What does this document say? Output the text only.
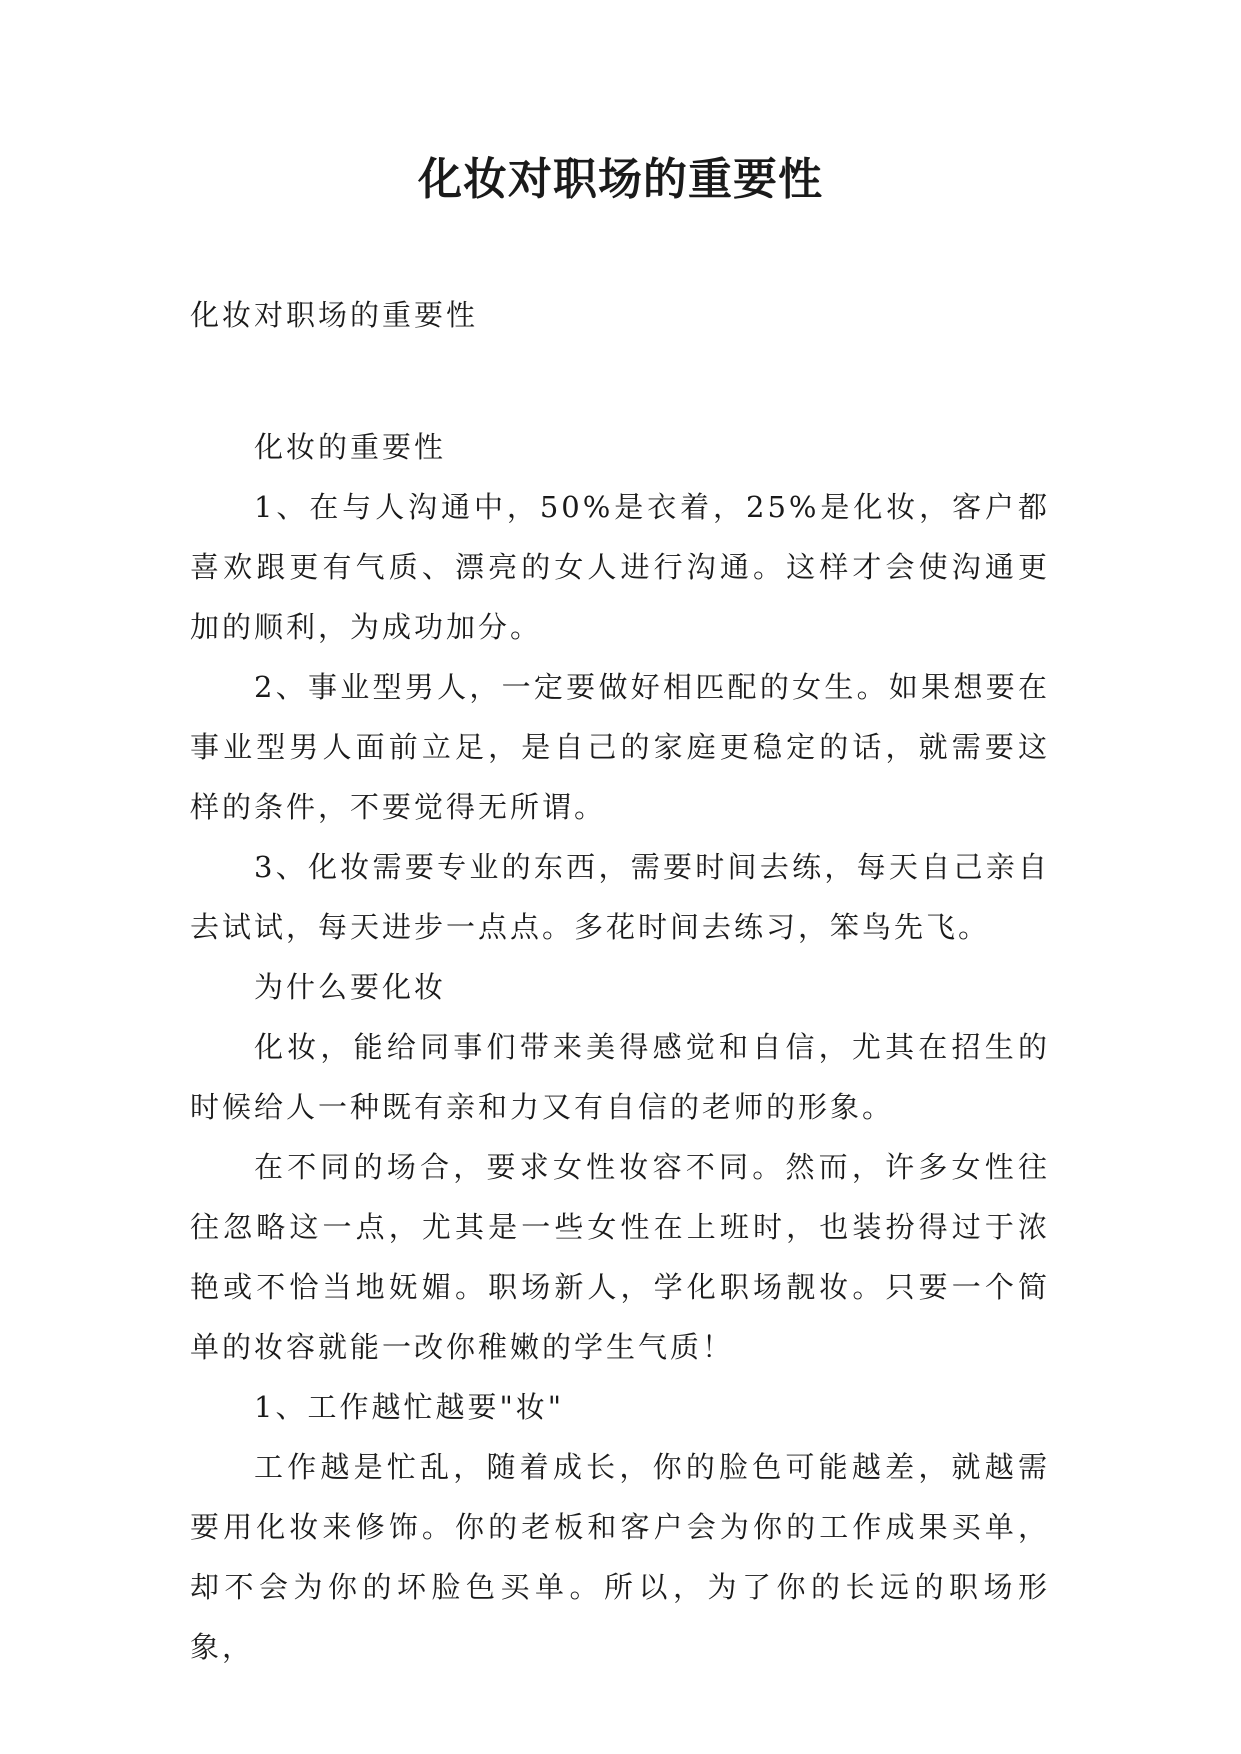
化妆对职场的重要性

化妆对职场的重要性

化妆的重要性

1、在与人沟通中，50%是衣着，25%是化妆，客户都喜欢跟更有气质、漂亮的女人进行沟通。这样才会使沟通更加的顺利，为成功加分。

2、事业型男人，一定要做好相匹配的女生。如果想要在事业型男人面前立足，是自己的家庭更稳定的话，就需要这样的条件，不要觉得无所谓。

3、化妆需要专业的东西，需要时间去练，每天自己亲自去试试，每天进步一点点。多花时间去练习，笨鸟先飞。

为什么要化妆

化妆，能给同事们带来美得感觉和自信，尤其在招生的时候给人一种既有亲和力又有自信的老师的形象。

在不同的场合，要求女性妆容不同。然而，许多女性往往忽略这一点，尤其是一些女性在上班时，也装扮得过于浓艳或不恰当地妩媚。职场新人，学化职场靓妆。只要一个简单的妆容就能一改你稚嫩的学生气质！

1、工作越忙越要"妆"

工作越是忙乱，随着成长，你的脸色可能越差，就越需要用化妆来修饰。你的老板和客户会为你的工作成果买单，却不会为你的坏脸色买单。所以，为了你的长远的职场形象，
